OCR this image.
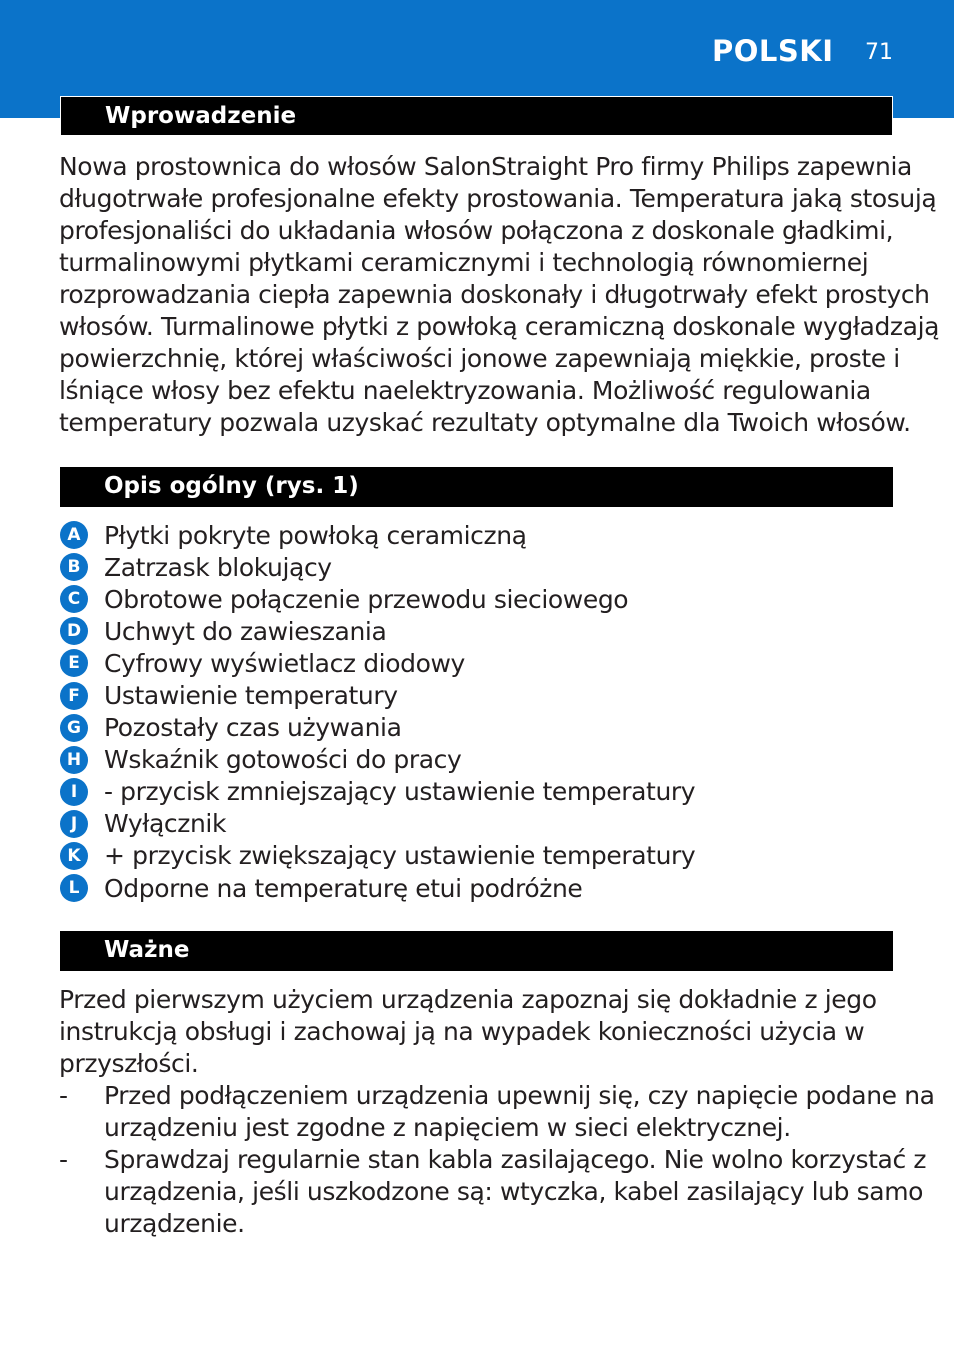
POLSKI 71
Wprowadzenie
Nowa prostownica do włosów SalonStraight Pro firmy Philips zapewnia
długotrwałe profesjonalne efekty prostowania. Temperatura jaką stosują
profesjonaliści do układania włosów połączona z doskonale gładkimi,
turmalinowymi płytkami ceramicznymi i technologią równomiernej
rozprowadzania ciepła zapewnia doskonały i długotrwały efekt prostych
włosów. Turmalinowe płytki z powłoką ceramiczną doskonale wygładzają
powierzchnię, której właściwości jonowe zapewniają miękkie, proste i
lśniące włosy bez efektu naelektryzowania. Możliwość regulowania
temperatury pozwala uzyskać rezultaty optymalne dla Twoich włosów.
Opis ogólny (rys. 1)
A Płytki pokryte powłoką ceramiczną
B Zatrzask blokujący
C Obrotowe połączenie przewodu sieciowego
D Uchwyt do zawieszania
E Cyfrowy wyświetlacz diodowy
F Ustawienie temperatury
G Pozostały czas używania
H Wskaźnik gotowości do pracy
I	- przycisk zmniejszający ustawienie temperatury
J	Wyłącznik
K + przycisk zwiększający ustawienie temperatury
L Odporne na temperaturę etui podróżne
Ważne
Przed pierwszym użyciem urządzenia zapoznaj się dokładnie z jego
instrukcją obsługi i zachowaj ją na wypadek konieczności użycia w
przyszłości.
-	Przed podłączeniem urządzenia upewnij się, czy napięcie podane na
urządzeniu jest zgodne z napięciem w sieci elektrycznej.
-	Sprawdzaj regularnie stan kabla zasilającego. Nie wolno korzystać z
urządzenia, jeśli uszkodzone są: wtyczka, kabel zasilający lub samo
urządzenie.
